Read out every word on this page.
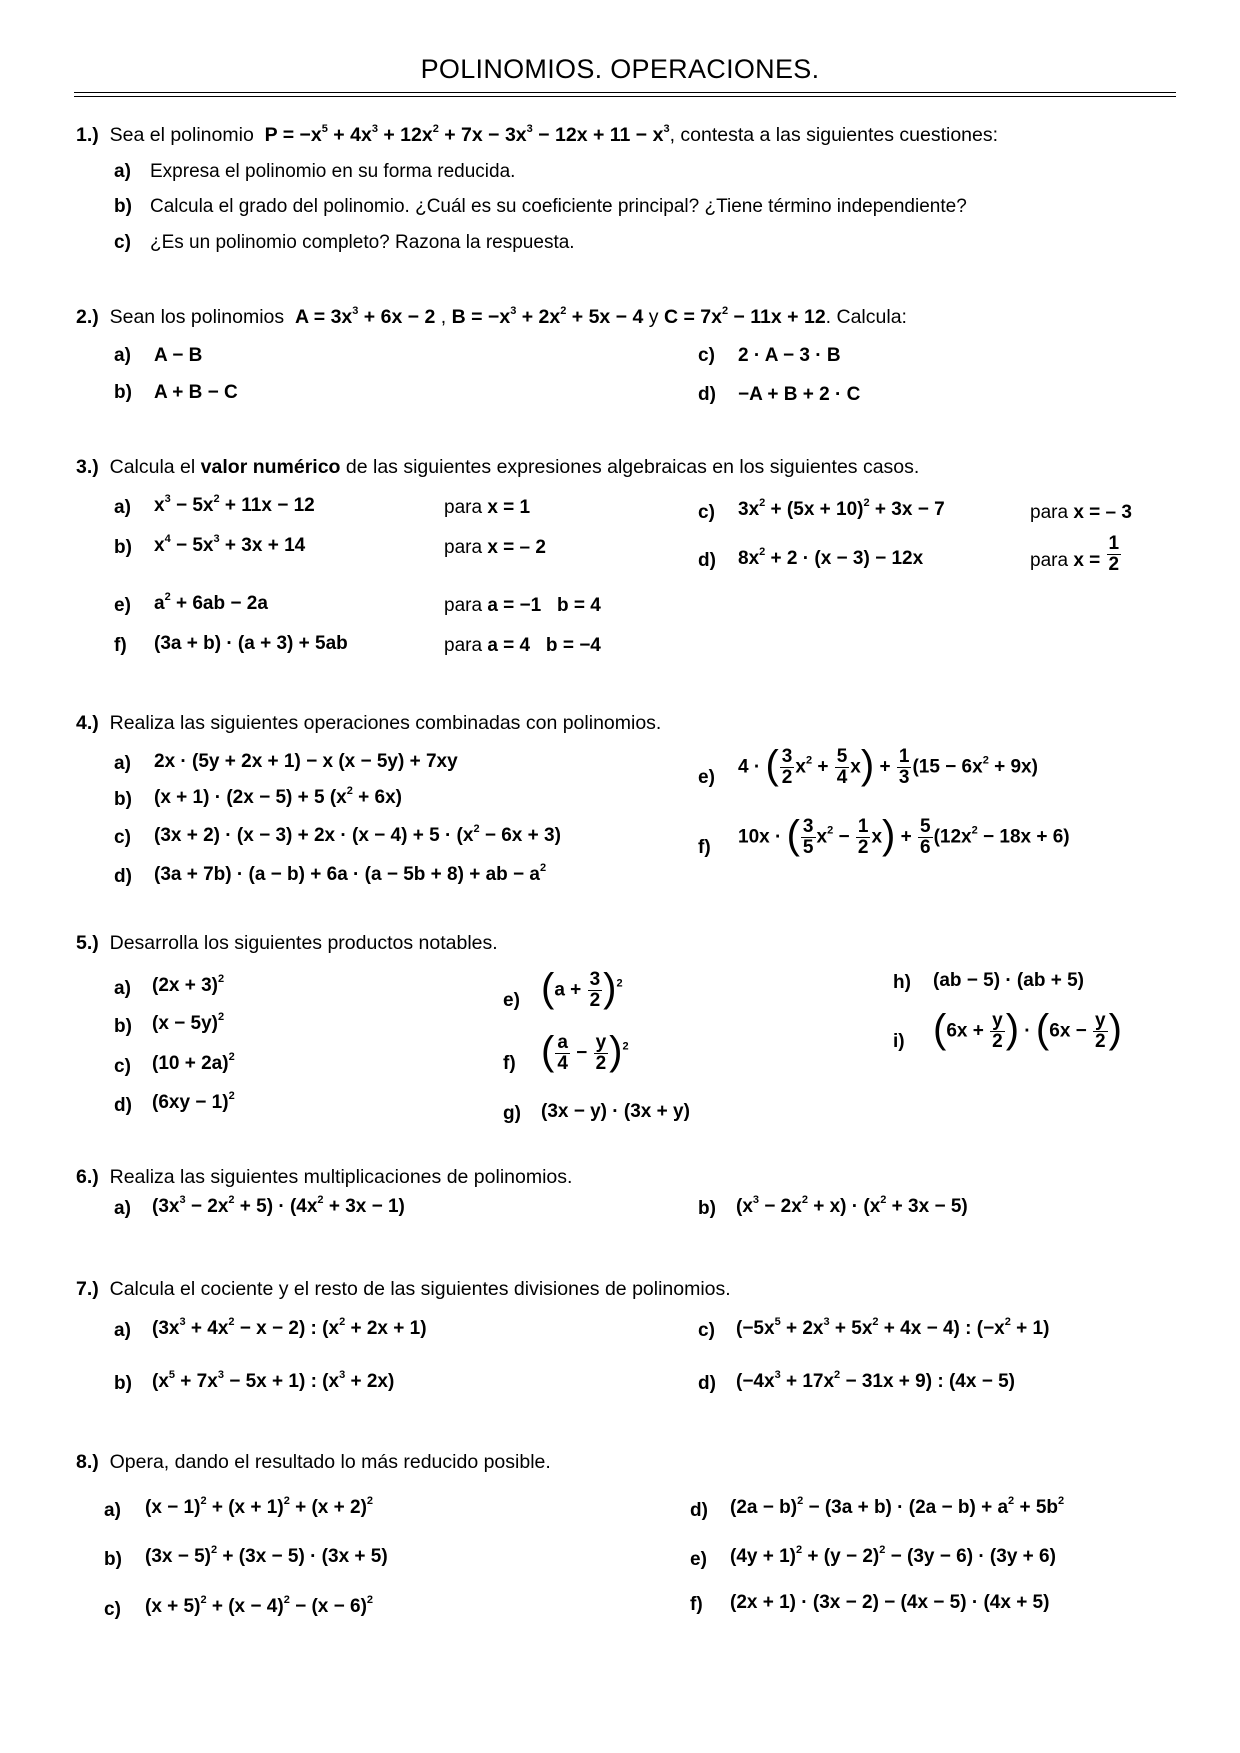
POLINOMIOS. OPERACIONES.
1.) Sea el polinomio $P = -x^5 + 4x^3 + 12x^2 + 7x - 3x^3 - 12x + 11 - x^3$, contesta a las siguientes cuestiones:
a) Expresa el polinomio en su forma reducida.
b) Calcula el grado del polinomio. ¿Cuál es su coeficiente principal? ¿Tiene término independiente?
c) ¿Es un polinomio completo? Razona la respuesta.
2.) Sean los polinomios $A = 3x^3 + 6x - 2$ , $B = -x^3 + 2x^2 + 5x - 4$ y $C = 7x^2 - 11x + 12$. Calcula:
a) A − B
b) A + B − C
c) 2 · A − 3 · B
d) −A + B + 2 · C
3.) Calcula el valor numérico de las siguientes expresiones algebraicas en los siguientes casos.
a) $x^3 - 5x^2 + 11x - 12$	para x = 1
b) $x^4 - 5x^3 + 3x + 14$	para x = – 2
c) $3x^2 + (5x + 10)^2 + 3x - 7$	para x = – 3
d) $8x^2 + 2 \cdot (x - 3) - 12x$	para $x = \frac{1}{2}$
e) $a^2 + 6ab - 2a$	para a = −1   b = 4
f) (3a + b) · (a + 3) + 5ab	para a = 4   b = −4
4.) Realiza las siguientes operaciones combinadas con polinomios.
a) 2x · (5y + 2x + 1) − x (x − 5y) + 7xy
b) (x + 1) · (2x − 5) + 5 $(x^2 + 6x)$
c) $(3x + 2) \cdot (x - 3) + 2x \cdot (x - 4) + 5 \cdot (x^2 - 6x + 3)$
d) (3a + 7b) · (a − b) + 6a · (a − 5b + 8) + ab − $a^2$
e)
4 · ( $\frac{3}{2} x^2 + \frac{5}{4} x) + \frac{1}{3} (15 - 6x^2 + 9x)$
f)
10x · ( $\frac{3}{5} x^2 - \frac{1}{2} x) + \frac{5}{6} (12x^2 - 18x + 6)$
5.) Desarrolla los siguientes productos notables.
a) $(2x + 3)^2$
b) $(x - 5y)^2$
c) $(10 + 2a)^2$
d) $(6xy - 1)^2$
e) $(a + \frac{3}{2} )^2$
f) ( $\frac{a}{4} - \frac{y}{2} )^2$
g) (3x − y) · (3x + y)
h) (ab − 5) · (ab + 5)
i) ($6x + \frac{y}{2}$ ) · ($6x - \frac{y}{2}$ )
6.) Realiza las siguientes multiplicaciones de polinomios.
a) $(3x^3 - 2x^2 + 5) \cdot (4x^2 + 3x - 1)$	b) $(x^3 - 2x^2 + x) \cdot (x^2 + 3x - 5)$
7.) Calcula el cociente y el resto de las siguientes divisiones de polinomios.
a) $(3x^3 + 4x^2 - x - 2)$ : $(x^2 + 2x + 1)$
b) $(x^5 + 7x^3 - 5x + 1)$ : $(x^3 + 2x)$
c) $(-5x^5 + 2x^3 + 5x^2 + 4x - 4)$ : $(-x^2 + 1)$
d) $(-4x^3 + 17x^2 - 31x + 9)$ : (4x − 5)
8.) Opera, dando el resultado lo más reducido posible.
a) $(x - 1)^2 + (x + 1)^2 + (x + 2)^2$
b) $(3x - 5)^2 + (3x - 5) \cdot (3x + 5)$
c) $(x + 5)^2 + (x - 4)^2 - (x - 6)^2$
d) $(2a - b)^2 - (3a + b) \cdot (2a - b) + a^2 + 5b^2$
e) $(4y + 1)^2 + (y - 2)^2 - (3y - 6) \cdot (3y + 6)$
f) (2x + 1) · (3x − 2) − (4x − 5) · (4x + 5)
